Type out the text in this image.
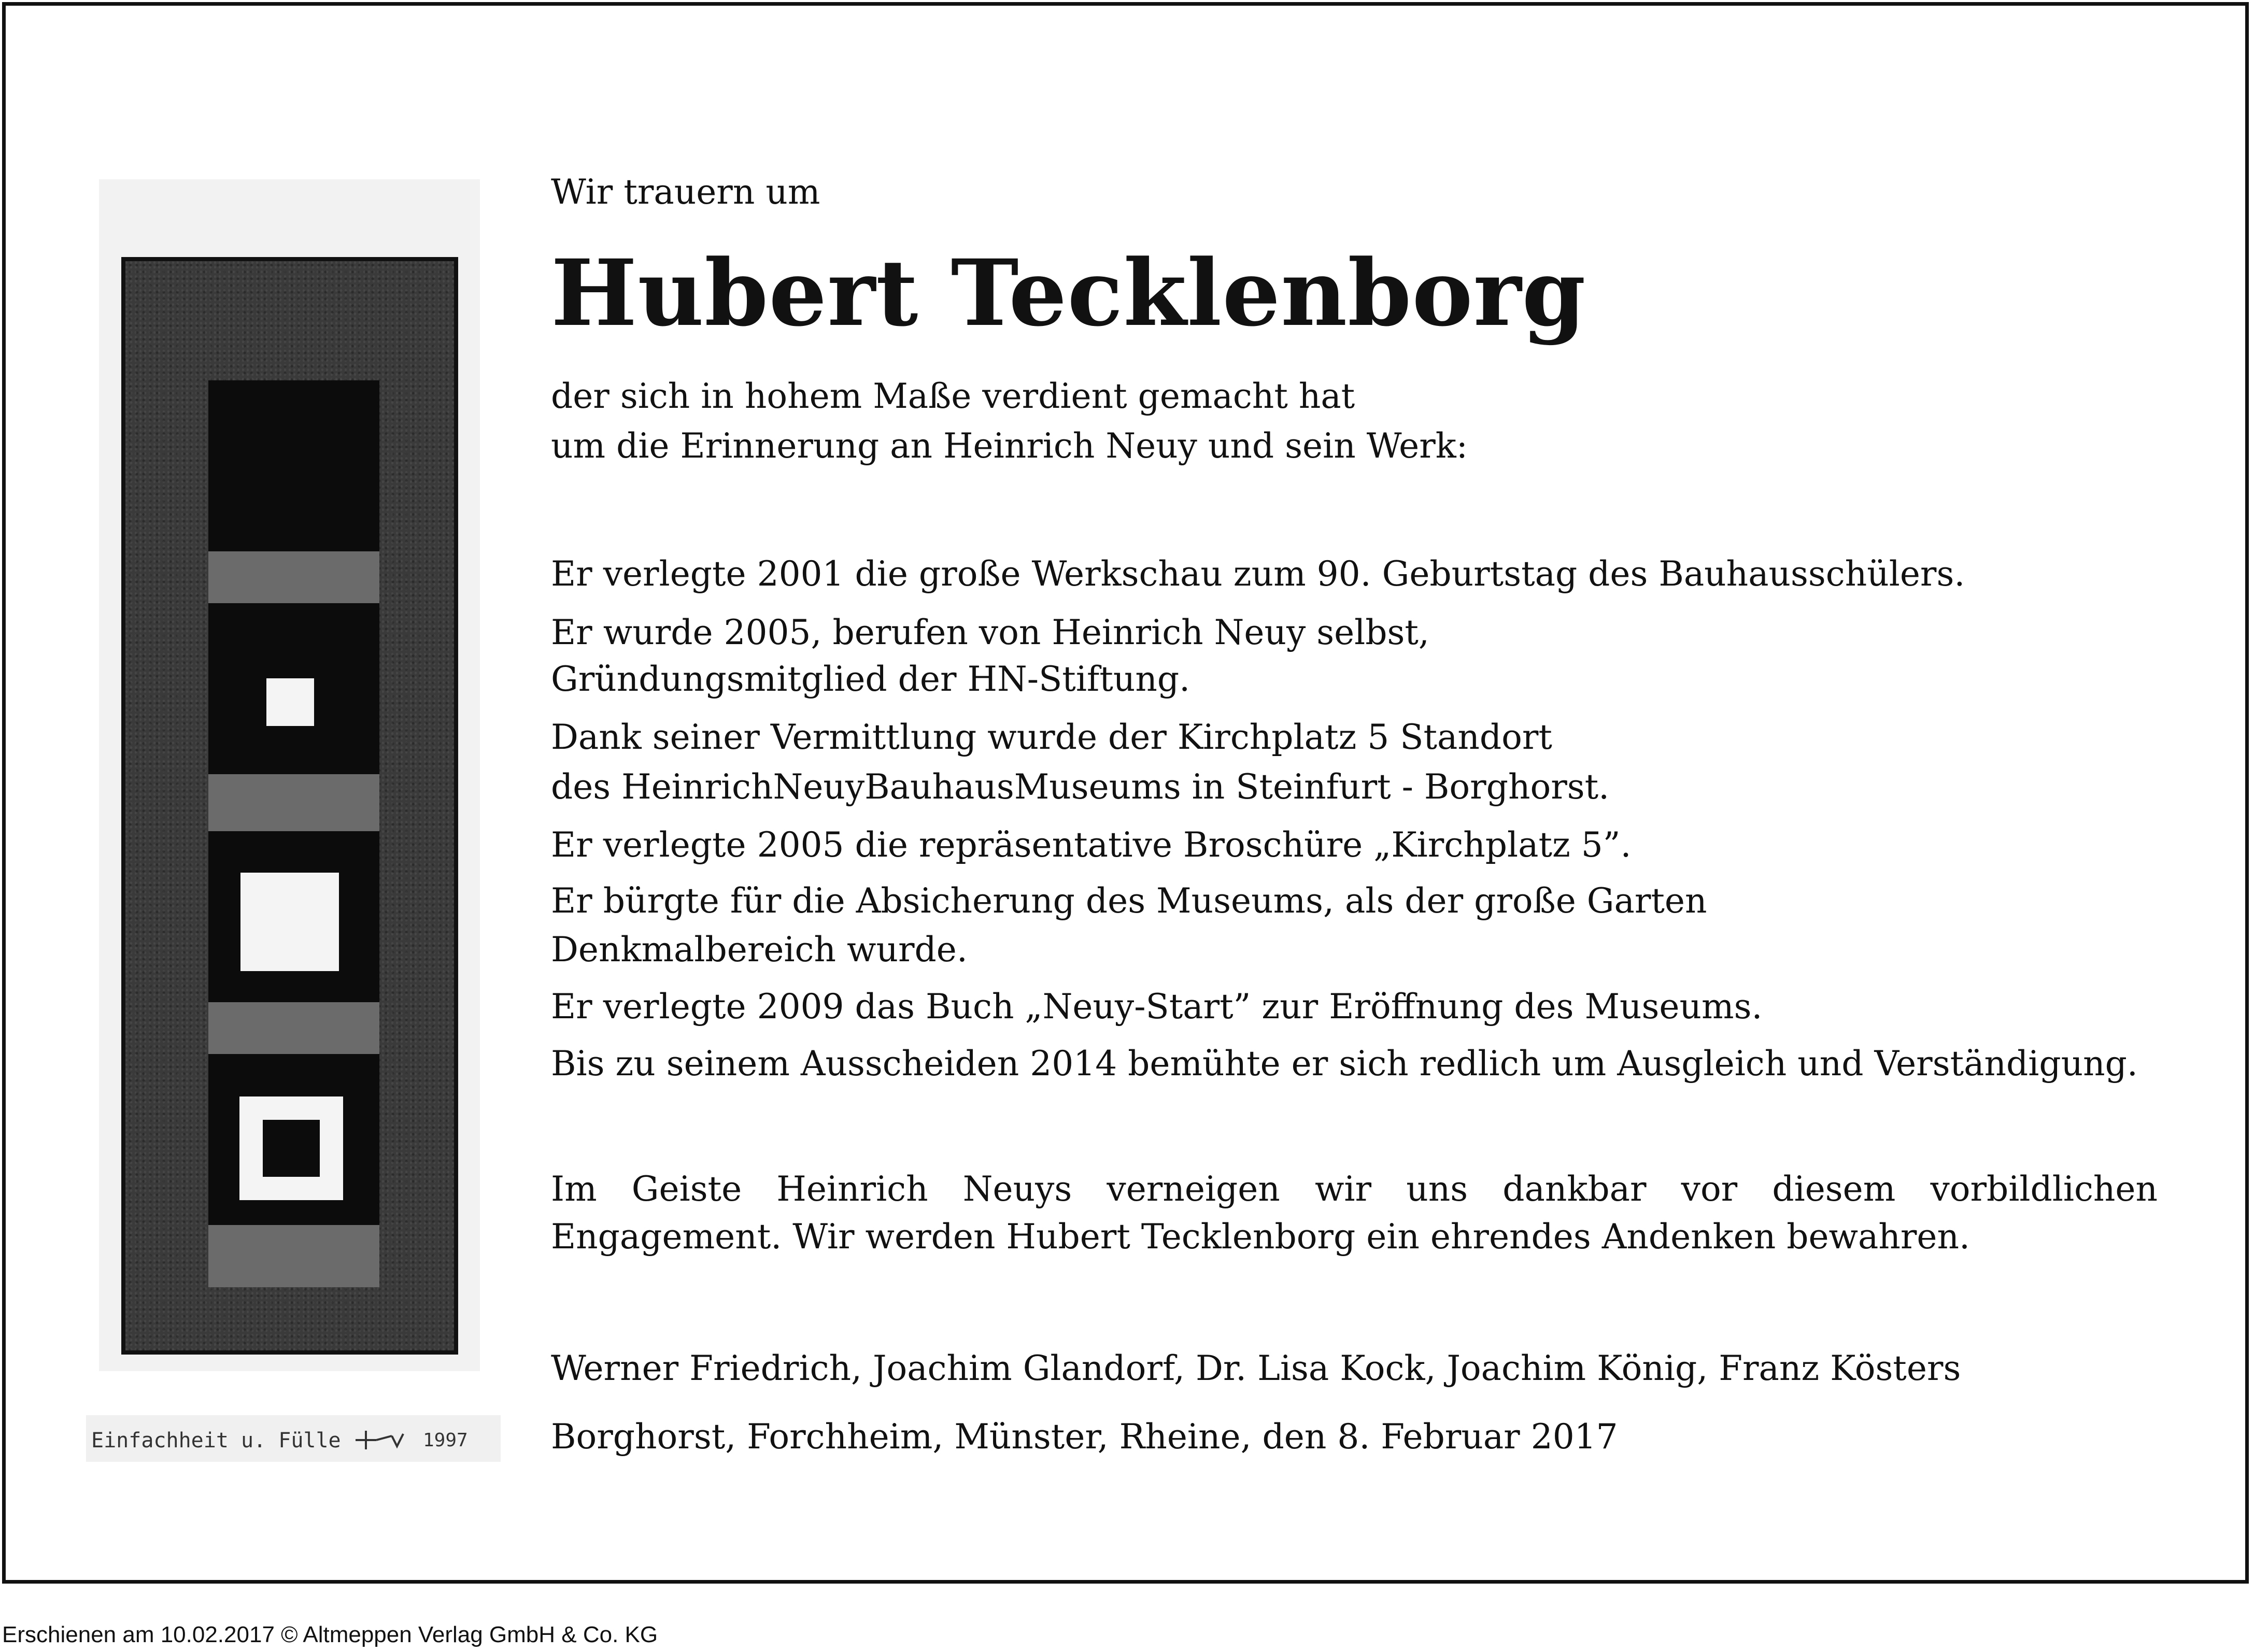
Einfachheit u. Fülle	1997
Wir trauern um
Hubert Tecklenborg
der sich in hohem Maße verdient gemacht hat
um die Erinnerung an Heinrich Neuy und sein Werk:
Er verlegte 2001 die große Werkschau zum 90. Geburtstag des Bauhausschülers.
Er wurde 2005, berufen von Heinrich Neuy selbst,
Gründungsmitglied der HN-Stiftung.
Dank seiner Vermittlung wurde der Kirchplatz 5 Standort
des HeinrichNeuyBauhausMuseums in Steinfurt - Borghorst.
Er verlegte 2005 die repräsentative Broschüre „Kirchplatz 5”.
Er bürgte für die Absicherung des Museums, als der große Garten
Denkmalbereich wurde.
Er verlegte 2009 das Buch „Neuy-Start” zur Eröffnung des Museums.
Bis zu seinem Ausscheiden 2014 bemühte er sich redlich um Ausgleich und Verständigung.
Im Geiste Heinrich Neuys verneigen wir uns dankbar vor diesem vorbildlichen Engagement. Wir werden Hubert Tecklenborg ein ehrendes Andenken bewahren.
Werner Friedrich, Joachim Glandorf, Dr. Lisa Kock, Joachim König, Franz Kösters
Borghorst, Forchheim, Münster, Rheine, den 8. Februar 2017
Erschienen am 10.02.2017 © Altmeppen Verlag GmbH & Co. KG
